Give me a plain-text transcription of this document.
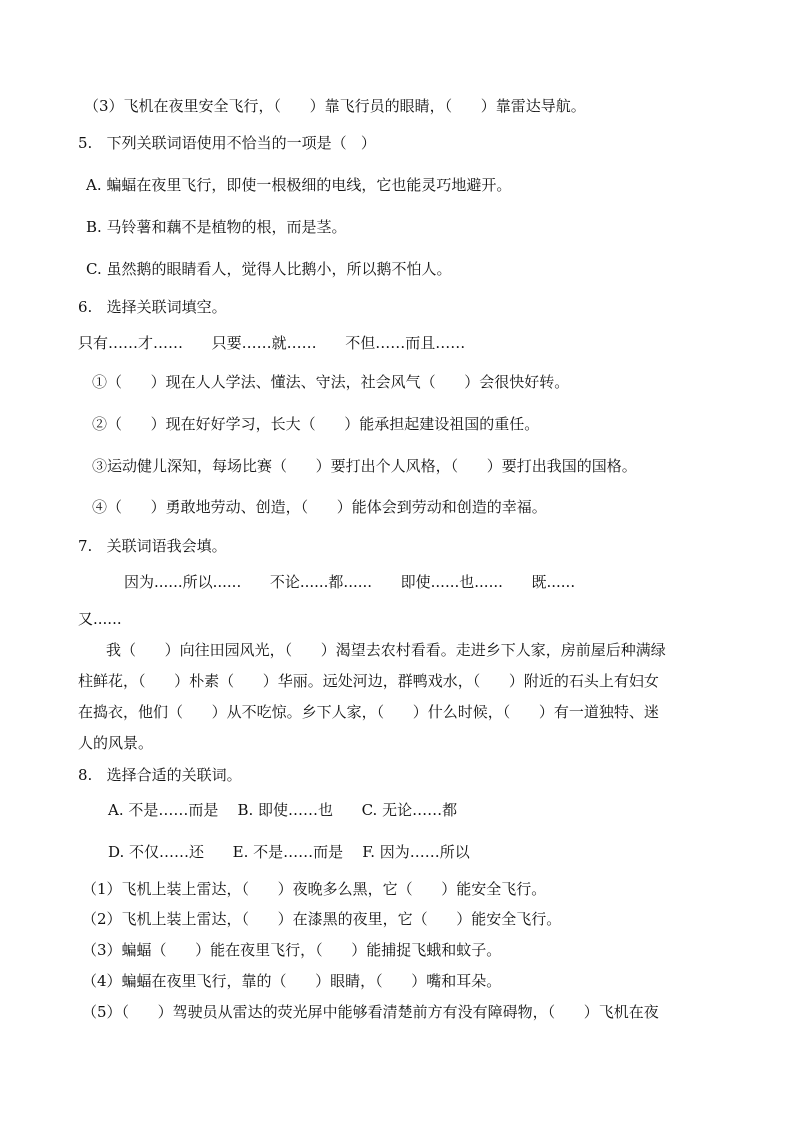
（3）飞机在夜里安全飞行，（      ）靠飞行员的眼睛，（      ）靠雷达导航。
5.   下列关联词语使用不恰当的一项是（   ）
A. 蝙蝠在夜里飞行，即使一根极细的电线，它也能灵巧地避开。
B. 马铃薯和藕不是植物的根，而是茎。
C. 虽然鹅的眼睛看人，觉得人比鹅小，所以鹅不怕人。
6.   选择关联词填空。
只有……才……      只要……就……      不但……而且……
①（      ）现在人人学法、懂法、守法，社会风气（      ）会很快好转。
②（      ）现在好好学习，长大（      ）能承担起建设祖国的重任。
③运动健儿深知，每场比赛（      ）要打出个人风格，（      ）要打出我国的国格。
④（      ）勇敢地劳动、创造，（      ）能体会到劳动和创造的幸福。
7.   关联词语我会填。
因为......所以......      不论......都......      即使......也......      既......
又......
我（      ）向往田园风光，（      ）渴望去农村看看。走进乡下人家，房前屋后种满绿
柱鲜花，（      ）朴素（      ）华丽。远处河边，群鸭戏水，（      ）附近的石头上有妇女
在捣衣，他们（      ）从不吃惊。乡下人家，（      ）什么时候，（      ）有一道独特、迷
人的风景。
8.   选择合适的关联词。
A. 不是……而是    B. 即使……也      C. 无论……都
D. 不仅……还      E. 不是……而是    F. 因为……所以
（1）飞机上装上雷达，（      ）夜晚多么黑，它（      ）能安全飞行。
（2）飞机上装上雷达，（      ）在漆黑的夜里，它（      ）能安全飞行。
（3）蝙蝠（      ）能在夜里飞行，（      ）能捕捉飞蛾和蚊子。
（4）蝙蝠在夜里飞行，靠的（      ）眼睛，（      ）嘴和耳朵。
（5）（      ）驾驶员从雷达的荧光屏中能够看清楚前方有没有障碍物，（      ）飞机在夜
